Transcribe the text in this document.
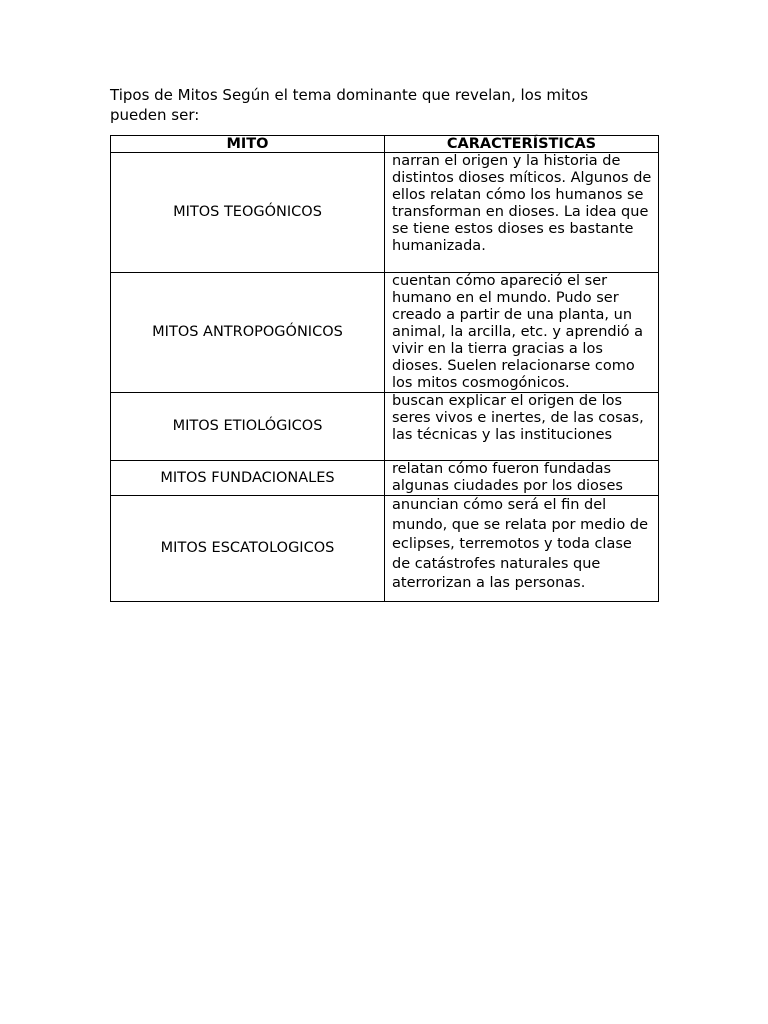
Tipos de Mitos Según el tema dominante que revelan, los mitos
pueden ser:

MITO	CARACTERÍSTICAS
MITOS TEOGÓNICOS	narran el origen y la historia de distintos dioses míticos. Algunos de ellos relatan cómo los humanos se transforman en dioses. La idea que se tiene estos dioses es bastante humanizada.
MITOS ANTROPOGÓNICOS	cuentan cómo apareció el ser humano en el mundo. Pudo ser creado a partir de una planta, un animal, la arcilla, etc. y aprendió a vivir en la tierra gracias a los dioses. Suelen relacionarse como los mitos cosmogónicos.
MITOS ETIOLÓGICOS	buscan explicar el origen de los seres vivos e inertes, de las cosas, las técnicas y las instituciones
MITOS FUNDACIONALES	relatan cómo fueron fundadas algunas ciudades por los dioses
MITOS ESCATOLOGICOS	anuncian cómo será el fin del mundo, que se relata por medio de eclipses, terremotos y toda clase de catástrofes naturales que aterrorizan a las personas.
